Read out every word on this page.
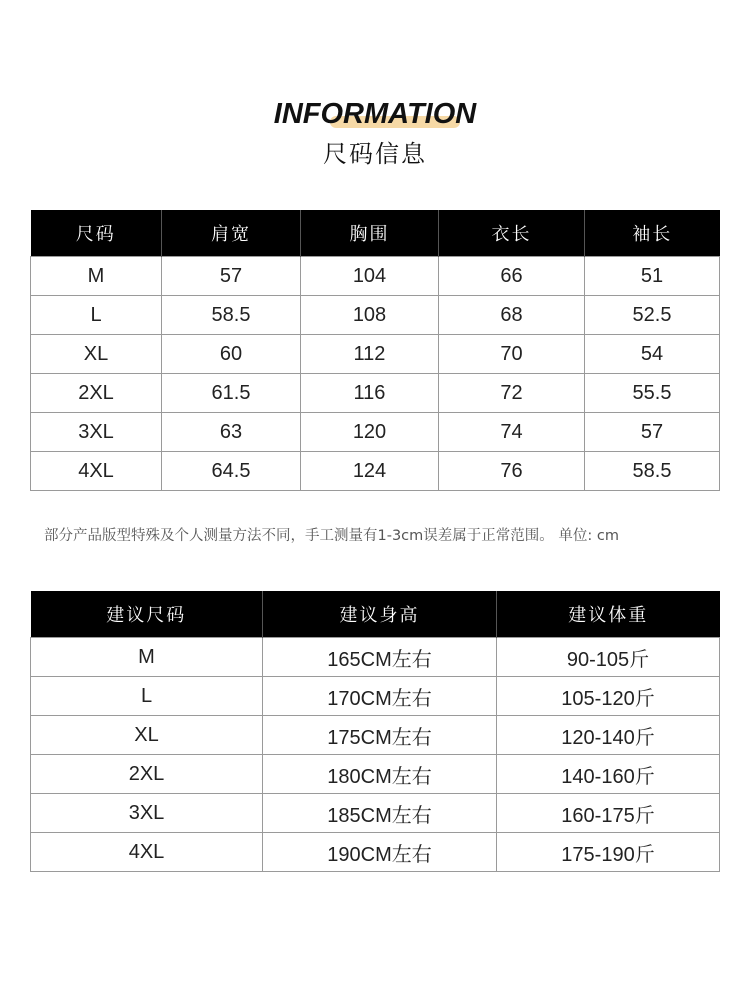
INFORMATION
尺码信息
尺码	肩宽	胸围	衣长	袖长
M	57	104	66	51
L	58.5	108	68	52.5
XL	60	112	70	54
2XL	61.5	116	72	55.5
3XL	63	120	74	57
4XL	64.5	124	76	58.5
部分产品版型特殊及个人测量方法不同，手工测量有1-3cm误差属于正常范围。 单位: cm
建议尺码	建议身高	建议体重
M	165CM左右	90-105斤
L	170CM左右	105-120斤
XL	175CM左右	120-140斤
2XL	180CM左右	140-160斤
3XL	185CM左右	160-175斤
4XL	190CM左右	175-190斤
